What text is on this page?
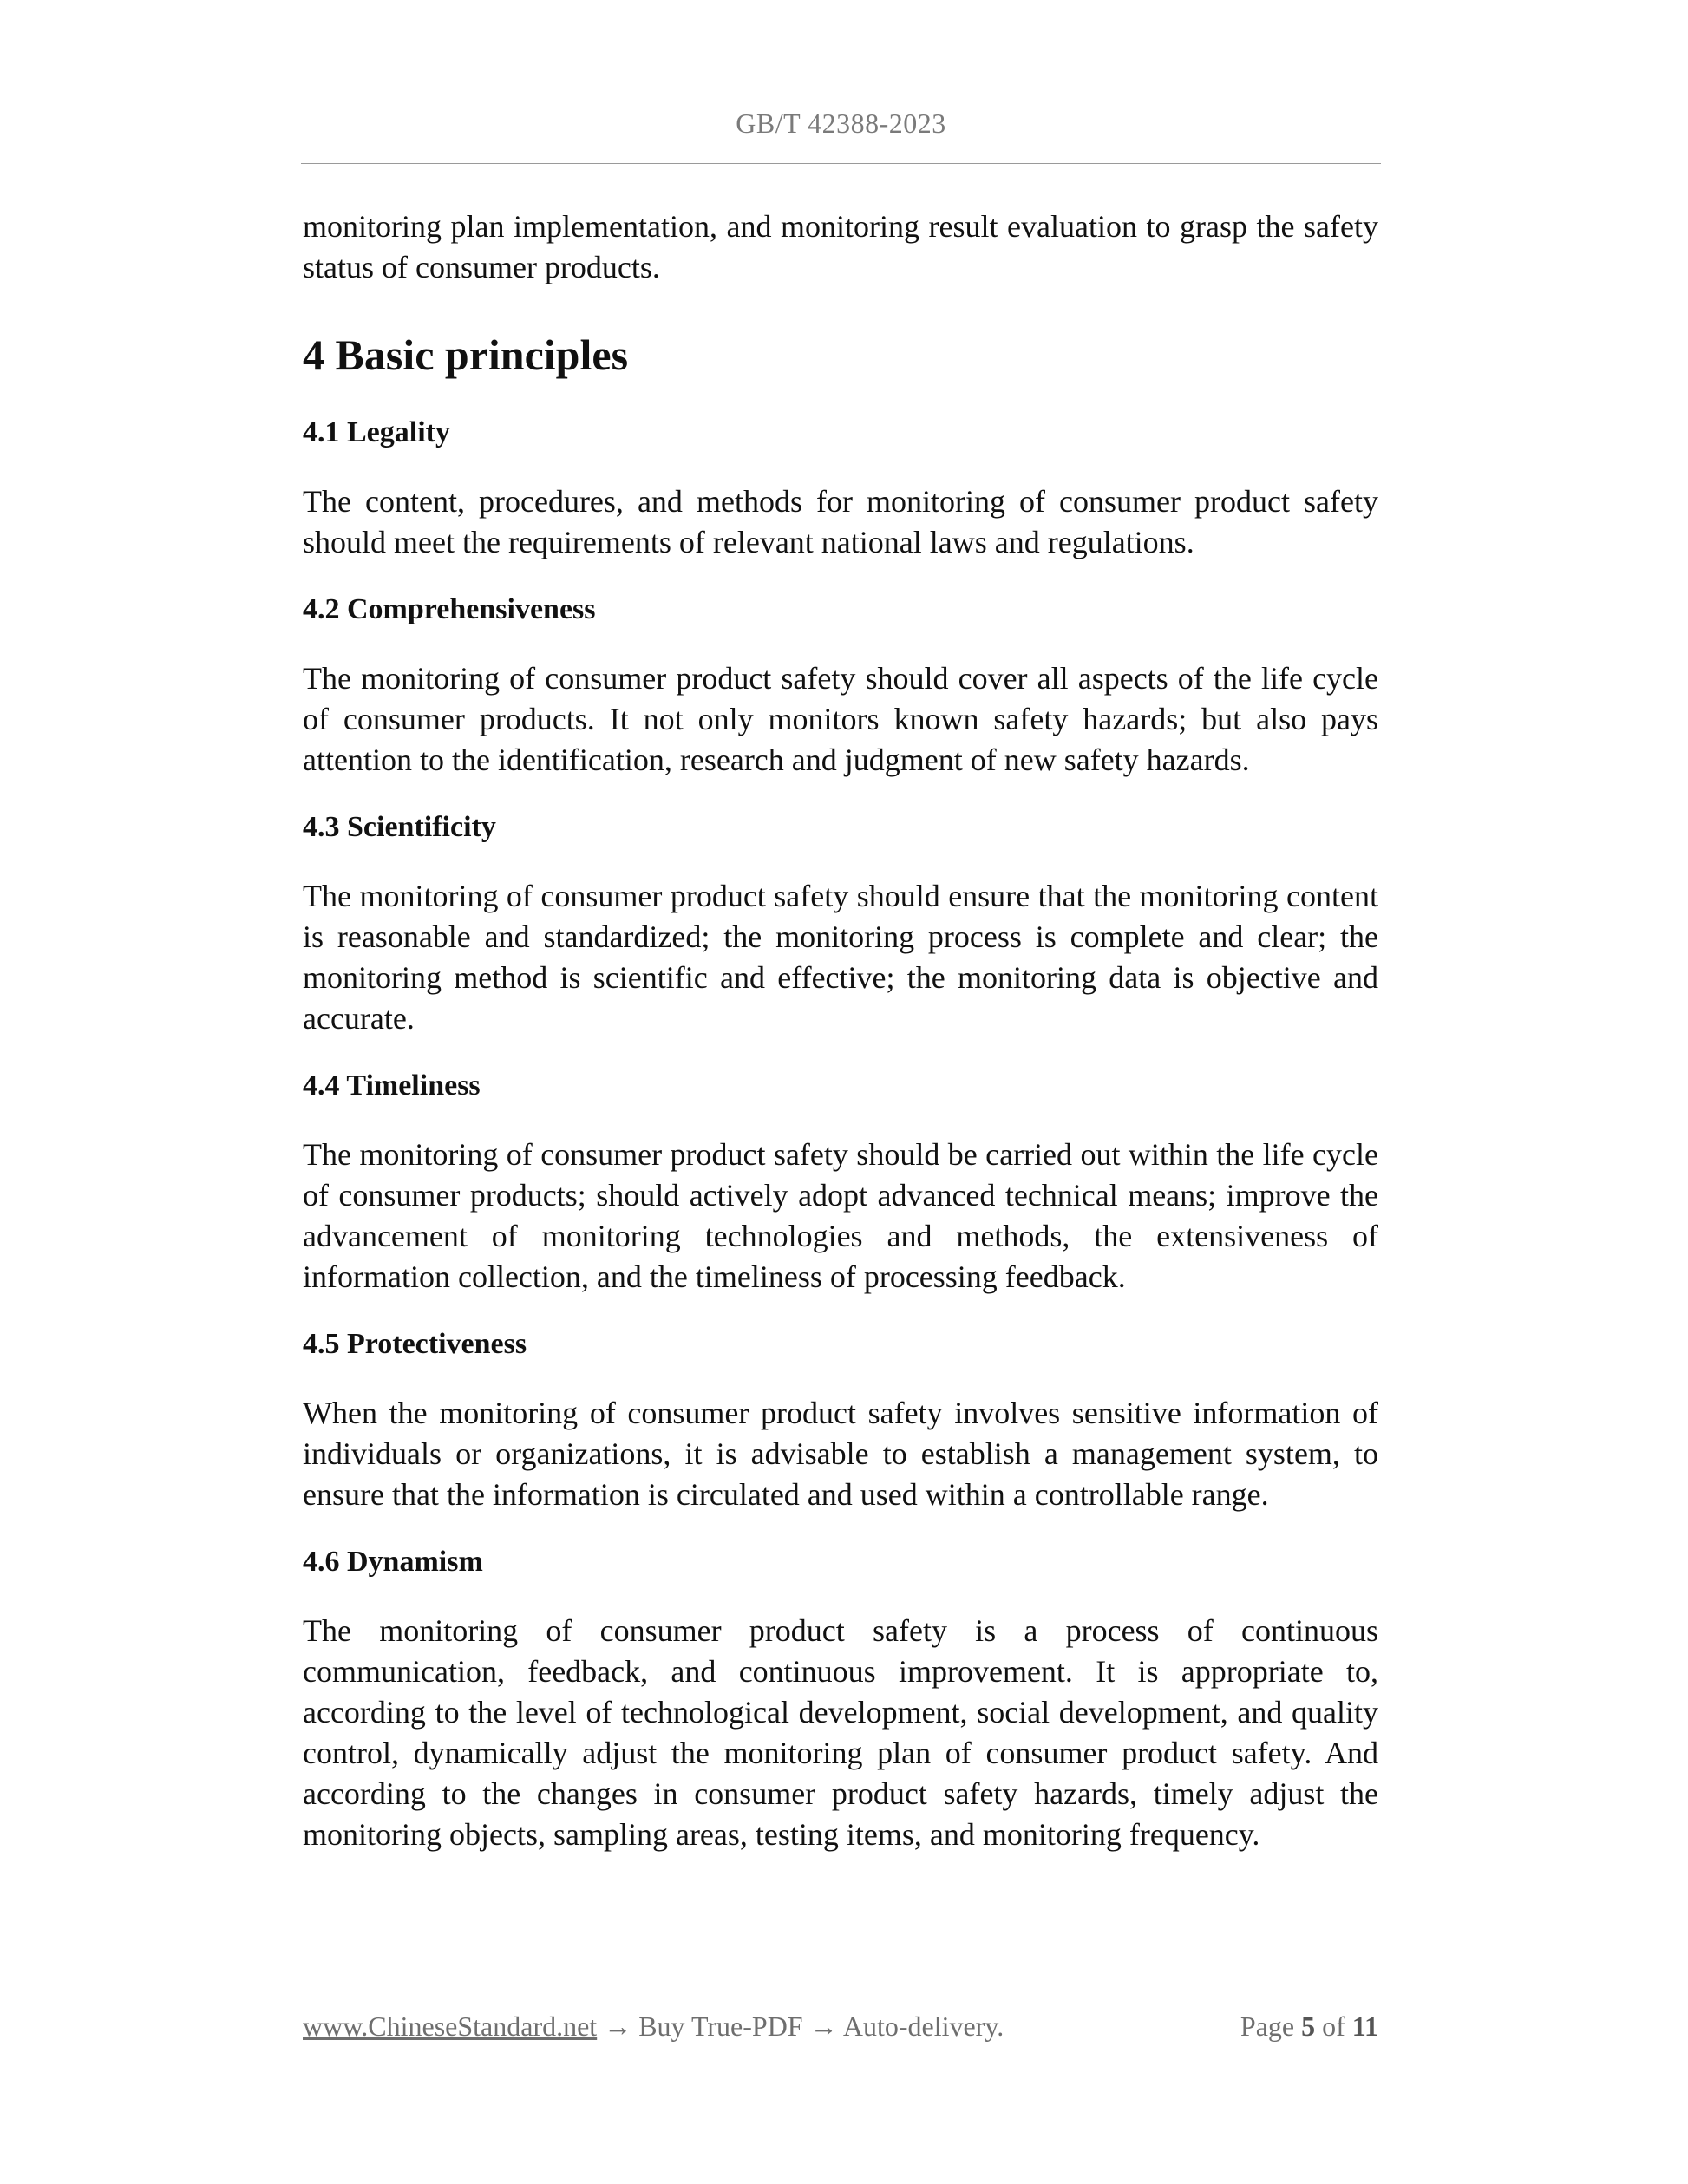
GB/T 42388-2023

monitoring plan implementation, and monitoring result evaluation to grasp the safety status of consumer products.

4 Basic principles
4.1 Legality

The content, procedures, and methods for monitoring of consumer product safety should meet the requirements of relevant national laws and regulations.

4.2 Comprehensiveness

The monitoring of consumer product safety should cover all aspects of the life cycle of consumer products. It not only monitors known safety hazards; but also pays attention to the identification, research and judgment of new safety hazards.

4.3 Scientificity

The monitoring of consumer product safety should ensure that the monitoring content is reasonable and standardized; the monitoring process is complete and clear; the monitoring method is scientific and effective; the monitoring data is objective and accurate.

4.4 Timeliness

The monitoring of consumer product safety should be carried out within the life cycle of consumer products; should actively adopt advanced technical means; improve the advancement of monitoring technologies and methods, the extensiveness of information collection, and the timeliness of processing feedback.

4.5 Protectiveness

When the monitoring of consumer product safety involves sensitive information of individuals or organizations, it is advisable to establish a management system, to ensure that the information is circulated and used within a controllable range.

4.6 Dynamism

The monitoring of consumer product safety is a process of continuous communication, feedback, and continuous improvement. It is appropriate to, according to the level of technological development, social development, and quality control, dynamically adjust the monitoring plan of consumer product safety. And according to the changes in consumer product safety hazards, timely adjust the monitoring objects, sampling areas, testing items, and monitoring frequency.

www.ChineseStandard.net → Buy True-PDF → Auto-delivery.	Page 5 of 11
